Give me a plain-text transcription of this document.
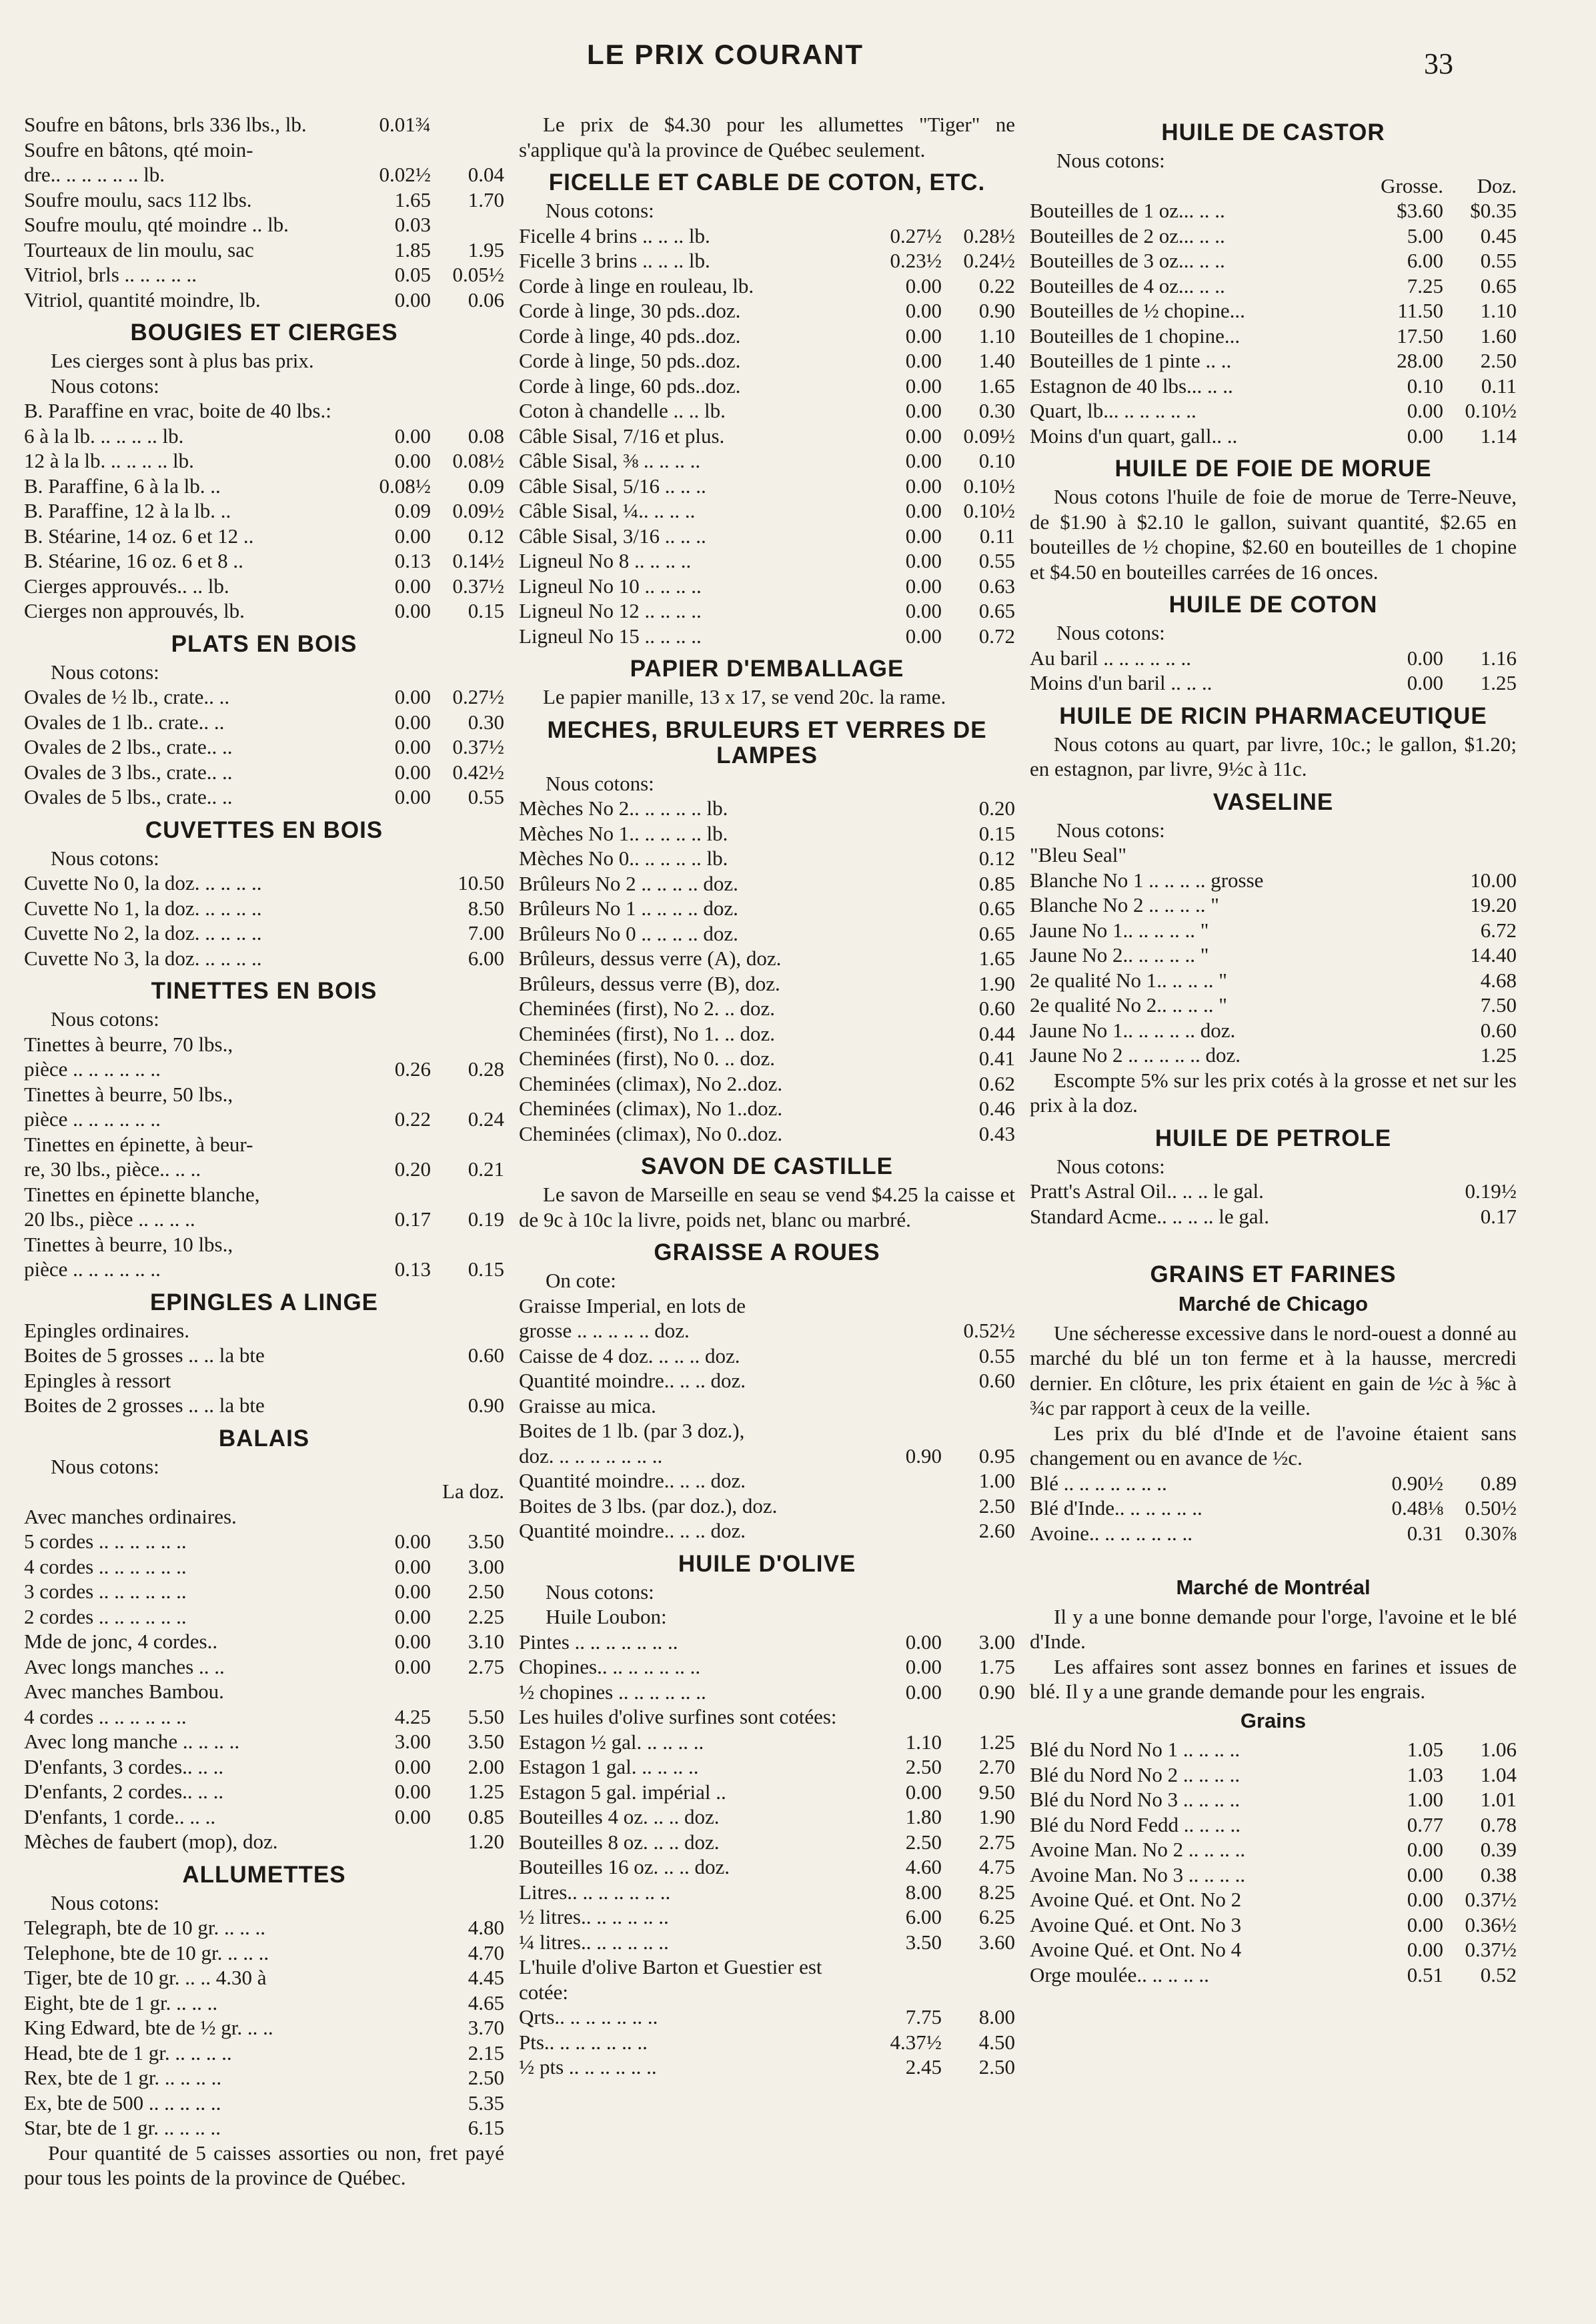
LE PRIX COURANT	33
Soufre en bâtons, brls 336 lbs., lb.	0.01¾
Soufre en bâtons, qté moin-
dre.. .. .. .. .. .. lb.	0.02½	0.04
Soufre moulu, sacs 112 lbs.	1.65	1.70
Soufre moulu, qté moindre .. lb.	0.03
Tourteaux de lin moulu, sac	1.85	1.95
Vitriol, brls .. .. .. .. ..	0.05	0.05½
Vitriol, quantité moindre, lb.	0.00	0.06
BOUGIES ET CIERGES
Les cierges sont à plus bas prix.
Nous cotons:
B. Paraffine en vrac, boite de 40 lbs.:
6 à la lb. .. .. .. .. lb.	0.00	0.08
12 à la lb. .. .. .. .. lb.	0.00	0.08½
B. Paraffine, 6 à la lb. ..	0.08½	0.09
B. Paraffine, 12 à la lb. ..	0.09	0.09½
B. Stéarine, 14 oz. 6 et 12 ..	0.00	0.12
B. Stéarine, 16 oz. 6 et 8 ..	0.13	0.14½
Cierges approuvés.. .. lb.	0.00	0.37½
Cierges non approuvés, lb.	0.00	0.15
PLATS EN BOIS
Nous cotons:
Ovales de ½ lb., crate.. ..	0.00	0.27½
Ovales de 1 lb.. crate.. ..	0.00	0.30
Ovales de 2 lbs., crate.. ..	0.00	0.37½
Ovales de 3 lbs., crate.. ..	0.00	0.42½
Ovales de 5 lbs., crate.. ..	0.00	0.55
CUVETTES EN BOIS
Nous cotons:
Cuvette No 0, la doz. .. .. .. ..	10.50
Cuvette No 1, la doz. .. .. .. ..	8.50
Cuvette No 2, la doz. .. .. .. ..	7.00
Cuvette No 3, la doz. .. .. .. ..	6.00
TINETTES EN BOIS
Nous cotons:
Tinettes à beurre, 70 lbs.,
pièce .. .. .. .. .. ..	0.26	0.28
Tinettes à beurre, 50 lbs.,
pièce .. .. .. .. .. ..	0.22	0.24
Tinettes en épinette, à beur-
re, 30 lbs., pièce.. .. ..	0.20	0.21
Tinettes en épinette blanche,
20 lbs., pièce .. .. .. ..	0.17	0.19
Tinettes à beurre, 10 lbs.,
pièce .. .. .. .. .. ..	0.13	0.15
EPINGLES A LINGE
Epingles ordinaires.
Boites de 5 grosses .. .. la bte	0.60
Epingles à ressort
Boites de 2 grosses .. .. la bte	0.90
BALAIS
Nous cotons:
La doz.
Avec manches ordinaires.
5 cordes .. .. .. .. .. ..	0.00	3.50
4 cordes .. .. .. .. .. ..	0.00	3.00
3 cordes .. .. .. .. .. ..	0.00	2.50
2 cordes .. .. .. .. .. ..	0.00	2.25
Mde de jonc, 4 cordes..	0.00	3.10
Avec longs manches .. ..	0.00	2.75
Avec manches Bambou.
4 cordes .. .. .. .. .. ..	4.25	5.50
Avec long manche .. .. .. ..	3.00	3.50
D'enfants, 3 cordes.. .. ..	0.00	2.00
D'enfants, 2 cordes.. .. ..	0.00	1.25
D'enfants, 1 corde.. .. ..	0.00	0.85
Mèches de faubert (mop), doz.	1.20
ALLUMETTES
Nous cotons:
Telegraph, bte de 10 gr. .. .. ..	4.80
Telephone, bte de 10 gr. .. .. ..	4.70
Tiger, bte de 10 gr. .. .. 4.30 à	4.45
Eight, bte de 1 gr. .. .. ..	4.65
King Edward, bte de ½ gr. .. ..	3.70
Head, bte de 1 gr. .. .. .. ..	2.15
Rex, bte de 1 gr. .. .. .. ..	2.50
Ex, bte de 500 .. .. .. .. ..	5.35
Star, bte de 1 gr. .. .. .. ..	6.15
Pour quantité de 5 caisses assorties ou non, fret payé pour tous les points de la province de Québec.
Le prix de $4.30 pour les allumettes "Tiger" ne s'applique qu'à la province de Québec seulement.
FICELLE ET CABLE DE COTON, ETC.
Nous cotons:
Ficelle 4 brins .. .. .. lb.	0.27½	0.28½
Ficelle 3 brins .. .. .. lb.	0.23½	0.24½
Corde à linge en rouleau, lb.	0.00	0.22
Corde à linge, 30 pds..doz.	0.00	0.90
Corde à linge, 40 pds..doz.	0.00	1.10
Corde à linge, 50 pds..doz.	0.00	1.40
Corde à linge, 60 pds..doz.	0.00	1.65
Coton à chandelle .. .. lb.	0.00	0.30
Câble Sisal, 7/16 et plus.	0.00	0.09½
Câble Sisal, ⅜ .. .. .. ..	0.00	0.10
Câble Sisal, 5/16 .. .. ..	0.00	0.10½
Câble Sisal, ¼.. .. .. ..	0.00	0.10½
Câble Sisal, 3/16 .. .. ..	0.00	0.11
Ligneul No 8 .. .. .. ..	0.00	0.55
Ligneul No 10 .. .. .. ..	0.00	0.63
Ligneul No 12 .. .. .. ..	0.00	0.65
Ligneul No 15 .. .. .. ..	0.00	0.72
PAPIER D'EMBALLAGE
Le papier manille, 13 x 17, se vend 20c. la rame.
MECHES, BRULEURS ET VERRES DE LAMPES
Nous cotons:
Mèches No 2.. .. .. .. .. lb.	0.20
Mèches No 1.. .. .. .. .. lb.	0.15
Mèches No 0.. .. .. .. .. lb.	0.12
Brûleurs No 2 .. .. .. .. doz.	0.85
Brûleurs No 1 .. .. .. .. doz.	0.65
Brûleurs No 0 .. .. .. .. doz.	0.65
Brûleurs, dessus verre (A), doz.	1.65
Brûleurs, dessus verre (B), doz.	1.90
Cheminées (first), No 2. .. doz.	0.60
Cheminées (first), No 1. .. doz.	0.44
Cheminées (first), No 0. .. doz.	0.41
Cheminées (climax), No 2..doz.	0.62
Cheminées (climax), No 1..doz.	0.46
Cheminées (climax), No 0..doz.	0.43
SAVON DE CASTILLE
Le savon de Marseille en seau se vend $4.25 la caisse et de 9c à 10c la livre, poids net, blanc ou marbré.
GRAISSE A ROUES
On cote:
Graisse Imperial, en lots de
grosse .. .. .. .. .. doz.	0.52½
Caisse de 4 doz. .. .. .. doz.	0.55
Quantité moindre.. .. .. doz.	0.60
Graisse au mica.
Boites de 1 lb. (par 3 doz.),
doz. .. .. .. .. .. .. ..	0.90	0.95
Quantité moindre.. .. .. doz.	1.00
Boites de 3 lbs. (par doz.), doz.	2.50
Quantité moindre.. .. .. doz.	2.60
HUILE D'OLIVE
Nous cotons:
Huile Loubon:
Pintes .. .. .. .. .. .. ..	0.00	3.00
Chopines.. .. .. .. .. .. ..	0.00	1.75
½ chopines .. .. .. .. .. ..	0.00	0.90
Les huiles d'olive surfines sont cotées:
Estagon ½ gal. .. .. .. ..	1.10	1.25
Estagon 1 gal. .. .. .. ..	2.50	2.70
Estagon 5 gal. impérial ..	0.00	9.50
Bouteilles 4 oz. .. .. doz.	1.80	1.90
Bouteilles 8 oz. .. .. doz.	2.50	2.75
Bouteilles 16 oz. .. .. doz.	4.60	4.75
Litres.. .. .. .. .. .. ..	8.00	8.25
½ litres.. .. .. .. .. ..	6.00	6.25
¼ litres.. .. .. .. .. ..	3.50	3.60
L'huile d'olive Barton et Guestier est
cotée:
Qrts.. .. .. .. .. .. ..	7.75	8.00
Pts.. .. .. .. .. .. ..	4.37½	4.50
½ pts .. .. .. .. .. ..	2.45	2.50
HUILE DE CASTOR
Nous cotons:
Grosse.	Doz.
Bouteilles de 1 oz... .. ..	$3.60	$0.35
Bouteilles de 2 oz... .. ..	5.00	0.45
Bouteilles de 3 oz... .. ..	6.00	0.55
Bouteilles de 4 oz... .. ..	7.25	0.65
Bouteilles de ½ chopine...	11.50	1.10
Bouteilles de 1 chopine...	17.50	1.60
Bouteilles de 1 pinte .. ..	28.00	2.50
Estagnon de 40 lbs... .. ..	0.10	0.11
Quart, lb... .. .. .. .. ..	0.00	0.10½
Moins d'un quart, gall.. ..	0.00	1.14
HUILE DE FOIE DE MORUE
Nous cotons l'huile de foie de morue de Terre-Neuve, de $1.90 à $2.10 le gallon, suivant quantité, $2.65 en bouteilles de ½ chopine, $2.60 en bouteilles de 1 chopine et $4.50 en bouteilles carrées de 16 onces.
HUILE DE COTON
Nous cotons:
Au baril .. .. .. .. .. ..	0.00	1.16
Moins d'un baril .. .. ..	0.00	1.25
HUILE DE RICIN PHARMACEUTIQUE
Nous cotons au quart, par livre, 10c.; le gallon, $1.20; en estagnon, par livre, 9½c à 11c.
VASELINE
Nous cotons:
"Bleu Seal"
Blanche No 1 .. .. .. .. grosse	10.00
Blanche No 2 .. .. .. .. "	19.20
Jaune No 1.. .. .. .. .. "	6.72
Jaune No 2.. .. .. .. .. "	14.40
2e qualité No 1.. .. .. .. "	4.68
2e qualité No 2.. .. .. .. "	7.50
Jaune No 1.. .. .. .. .. doz.	0.60
Jaune No 2 .. .. .. .. .. doz.	1.25
Escompte 5% sur les prix cotés à la grosse et net sur les prix à la doz.
HUILE DE PETROLE
Nous cotons:
Pratt's Astral Oil.. .. .. le gal.	0.19½
Standard Acme.. .. .. .. le gal.	0.17
GRAINS ET FARINES
Marché de Chicago
Une sécheresse excessive dans le nord-ouest a donné au marché du blé un ton ferme et à la hausse, mercredi dernier. En clôture, les prix étaient en gain de ½c à ⅝c à ¾c par rapport à ceux de la veille.
Les prix du blé d'Inde et de l'avoine étaient sans changement ou en avance de ½c.
Blé .. .. .. .. .. .. ..	0.90½	0.89
Blé d'Inde.. .. .. .. .. ..	0.48⅛	0.50½
Avoine.. .. .. .. .. .. ..	0.31	0.30⅞
Marché de Montréal
Il y a une bonne demande pour l'orge, l'avoine et le blé d'Inde.
Les affaires sont assez bonnes en farines et issues de blé. Il y a une grande demande pour les engrais.
Grains
Blé du Nord No 1 .. .. .. ..	1.05	1.06
Blé du Nord No 2 .. .. .. ..	1.03	1.04
Blé du Nord No 3 .. .. .. ..	1.00	1.01
Blé du Nord Fedd .. .. .. ..	0.77	0.78
Avoine Man. No 2 .. .. .. ..	0.00	0.39
Avoine Man. No 3 .. .. .. ..	0.00	0.38
Avoine Qué. et Ont. No 2	0.00	0.37½
Avoine Qué. et Ont. No 3	0.00	0.36½
Avoine Qué. et Ont. No 4	0.00	0.37½
Orge moulée.. .. .. .. ..	0.51	0.52
